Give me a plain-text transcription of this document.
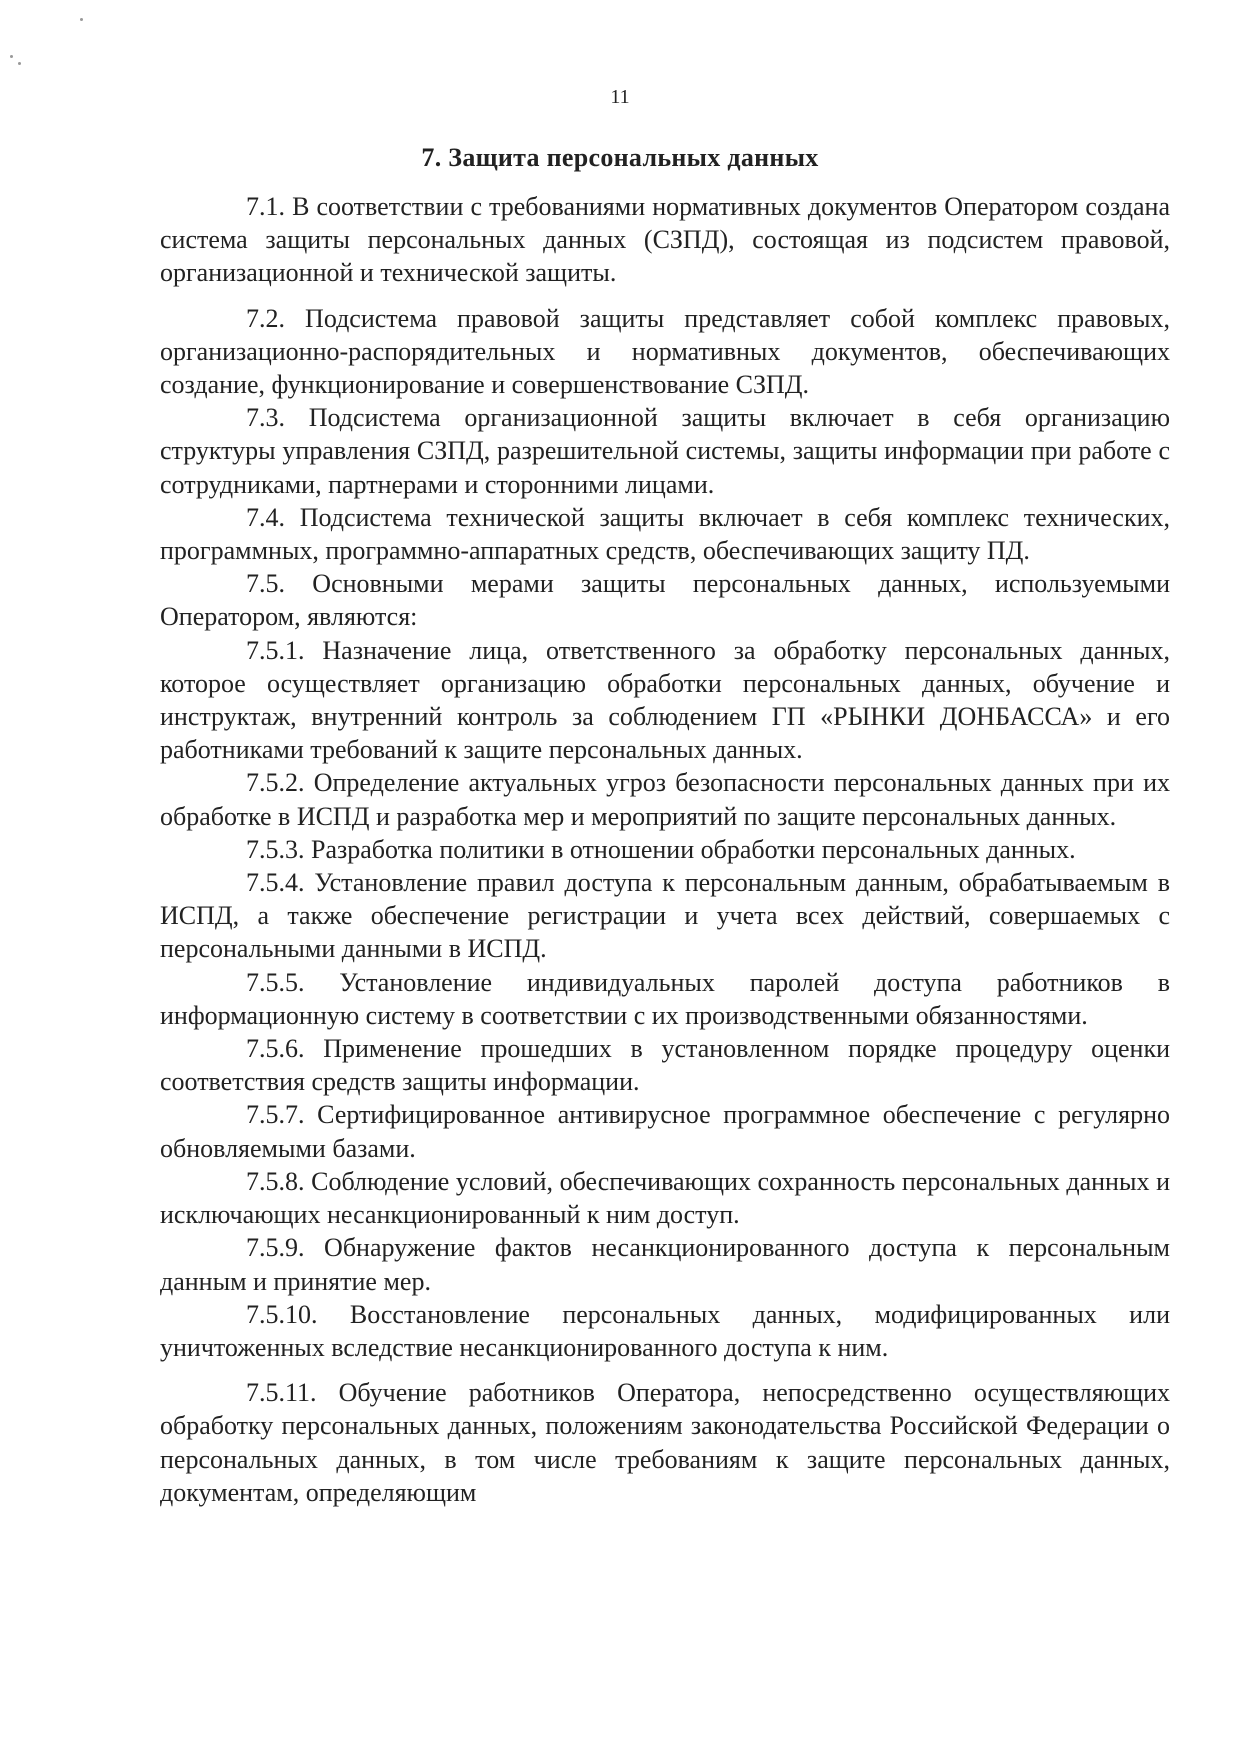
11
7. Защита персональных данных

7.1. В соответствии с требованиями нормативных документов Оператором создана система защиты персональных данных (СЗПД), состоящая из подсистем правовой, организационной и технической защиты.

7.2. Подсистема правовой защиты представляет собой комплекс правовых, организационно-распорядительных и нормативных документов, обеспечивающих создание, функционирование и совершенствование СЗПД.

7.3. Подсистема организационной защиты включает в себя организацию структуры управления СЗПД, разрешительной системы, защиты информации при работе с сотрудниками, партнерами и сторонними лицами.

7.4. Подсистема технической защиты включает в себя комплекс технических, программных, программно-аппаратных средств, обеспечивающих защиту ПД.

7.5. Основными мерами защиты персональных данных, используемыми Оператором, являются:

7.5.1. Назначение лица, ответственного за обработку персональных данных, которое осуществляет организацию обработки персональных данных, обучение и инструктаж, внутренний контроль за соблюдением ГП «РЫНКИ ДОНБАССА» и его работниками требований к защите персональных данных.

7.5.2. Определение актуальных угроз безопасности персональных данных при их обработке в ИСПД и разработка мер и мероприятий по защите персональных данных.

7.5.3. Разработка политики в отношении обработки персональных данных.

7.5.4. Установление правил доступа к персональным данным, обрабатываемым в ИСПД, а также обеспечение регистрации и учета всех действий, совершаемых с персональными данными в ИСПД.

7.5.5. Установление индивидуальных паролей доступа работников в информационную систему в соответствии с их производственными обязанностями.

7.5.6. Применение прошедших в установленном порядке процедуру оценки соответствия средств защиты информации.

7.5.7. Сертифицированное антивирусное программное обеспечение с регулярно обновляемыми базами.

7.5.8. Соблюдение условий, обеспечивающих сохранность персональных данных и исключающих несанкционированный к ним доступ.

7.5.9. Обнаружение фактов несанкционированного доступа к персональным данным и принятие мер.

7.5.10. Восстановление персональных данных, модифицированных или уничтоженных вследствие несанкционированного доступа к ним.

7.5.11. Обучение работников Оператора, непосредственно осуществляющих обработку персональных данных, положениям законодательства Российской Федерации о персональных данных, в том числе требованиям к защите персональных данных, документам, определяющим
